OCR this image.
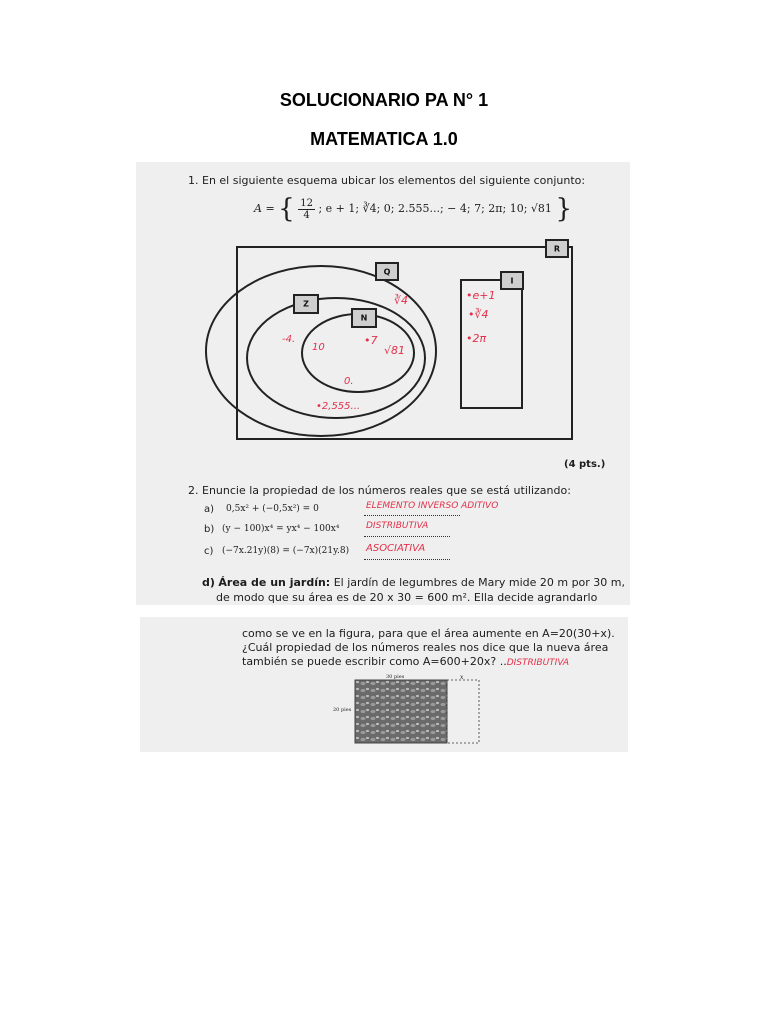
SOLUCIONARIO PA N° 1
MATEMATICA 1.0
1. En el siguiente esquema ubicar los elementos del siguiente conjunto:
A = { $\frac{12}{4}$ ; e + 1; ∛4; 0; 2.555...; − 4; 7; 2π; 10; √81 }
R
Q
Z
N
I
∛4
-4.
10
•7
√81
0.
•2,555...
•e+1
•∛4
•2π
(4 pts.)
2. Enuncie la propiedad de los números reales que se está utilizando:
a) 0,5x² + (−0,5x²) = 0	ELEMENTO INVERSO ADITIVO
b) (y − 100)x⁴ = yx⁴ − 100x⁴	DISTRIBUTIVA
c) (−7x.21y)(8) = (−7x)(21y.8) ASOCIATIVA
d) Área de un jardín: El jardín de legumbres de Mary mide 20 m por 30 m,
de modo que su área es de 20 x 30 = 600 m². Ella decide agrandarlo
como se ve en la figura, para que el área aumente en A=20(30+x).
¿Cuál propiedad de los números reales nos dice que la nueva área
también se puede escribir como A=600+20x? ..DISTRIBUTIVA
30 pies	x
20 pies
